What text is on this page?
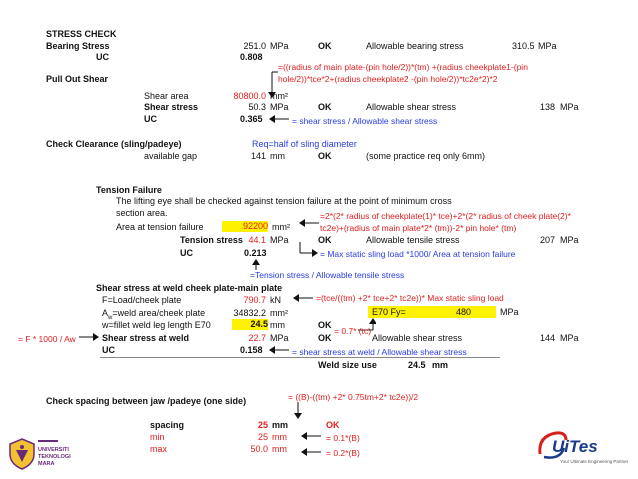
STRESS CHECK
Bearing Stress	251.0 MPa	OK	Allowable bearing stress	310.5 MPa
UC	0.808
=((radius of main plate-(pin hole/2))*(tm) +(radius cheekplate1-(pin
Pull Out Shear	hole/2))*tce*2+(radius cheekplate2 -(pin hole/2))*tc2e*2)*2
Shear area	80800.0 mm²
Shear stress	50.3 MPa	OK	Allowable shear stress	138 MPa
UC	0.365	= shear stress / Allowable shear stress
Check Clearance (sling/padeye)	Req=half of sling diameter
available gap	141 mm	OK	(some practice req only 6mm)
Tension Failure
The lifting eye shall be checked against tension failure at the point of minimum cross
section area.	=2*(2* radius of cheekplate(1)* tce)+2*(2* radius of cheek plate(2)*
Area at tension failure	92200 mm²	tc2e)+(radius of main plate*2* (tm))-2* pin hole* (tm)
Tension stress 44.1 MPa	OK	Allowable tensile stress	207 MPa
= Max static sling load *1000/ Area at tension failure
UC	0.213
=Tension stress / Allowable tensile stress
Shear stress at weld cheek plate-main plate
F=Load/cheek plate	790.7 kN	=(tce/((tm) +2* tce+2* tc2e))* Max static sling load
$A_w=weld$ area/cheek plate	34832.2 mm²	E70 Fy=	480	MPa
w=fillet weld leg length E70	24.5 mm	OK
= 0.7* (tc)
= F * 1000 / Aw	Shear stress at weld	22.7 MPa	OK	Allowable shear stress	144 MPa
UC	0.158	= shear stress at weld / Allowable shear stress
Weld size use	24.5 mm
= ((B)-((tm) +2* 0.75tm+2* tc2e))/2
Check spacing between jaw /padeye (one side)
spacing	25 mm	OK
min	25 mm	= 0.1*(B)
max	50.0 mm	= 0.2*(B)
UNIVERSITI
TEKNOLOGI
MARA
UiTes
Your Ultimate Engineering Partner
